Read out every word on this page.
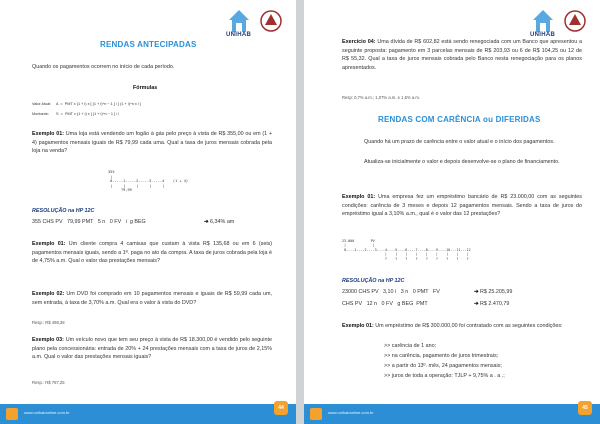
UNIHAB
RENDAS ANTECIPADAS
Quando os pagamentos ocorrem no início de cada período.
Fórmulas
Valor Atual: A  =  PMT x (1 + i) x [ (1 + i)^n − 1 ] / [ (1 + i)^n x i ]
Montante: S  =  PMT x (1 + i) x [ (1 + i)^n − 1 ] / i
Exemplo 01: Uma loja está vendendo um fogão à gás pelo preço à vista de R$ 355,00 ou em (1 + 4) pagamentos mensais iguais de R$ 79,99 cada uma. Qual a taxa de juros mensais cobrada pela loja na venda?
355
|
0-----1-----2-----3-----4    (1 + 4)
|     |     |     |     |
79,99
RESOLUÇÃO na HP 12C
355 CHS PV   79,99 PMT   5 n   0 FV   i  g BEG	➔ 6,34% am
Exemplo 01: Um cliente compra 4 camisas que custam à vista R$ 135,68 ou em 6 (seis) pagamentos mensais iguais, sendo a 1ª. paga no ato da compra. A taxa de juros cobrada pela loja é de 4,75% a.m. Qual o valor das prestações mensais?
Exemplo 02: Um DVD foi comprado em 10 pagamentos mensais e iguais de R$ 59,99 cada um, sem entrada, à taxa de 3,70% a.m. Qual era o valor à vista do DVD?
Resp.: R$ 498,38
Exemplo 03: Um veículo novo que tem seu preço à vista de R$ 18.300,00 é vendido pelo seguinte plano pela concessionária: entrada de 20% + 24 prestações mensais com a taxa de juros de 2,15% a.m. Qual o valor das prestações mensais iguais?
Resp.: R$ 787,25
www.unihabonline.com.br
44
UNIHAB
Exercício 04: Uma dívida de R$ 602,82 está sendo renegociada com um Banco que apresentou a seguinte proposta: pagamento em 3 parcelas mensais de R$ 203,93 ou 6 de R$ 104,25 ou 12 de R$ 55,32. Qual a taxa de juros mensais cobrada pelo Banco nesta renegociação para os planos apresentados.
Resp: 0,7% a.m.; 1,07% a.m. e 1,5% a.m.
RENDAS COM CARÊNCIA ou DIFERIDAS
Quando há um prazo de carência entre o valor atual e o início dos pagamentos.
Atualiza-se inicialmente o valor e depois desenvolve-se o plano de financiamento.
Exemplo 01: Uma empresa fez um empréstimo bancário de R$ 23.000,00 com as seguintes condições: carência de 3 meses e depois 12 pagamentos mensais. Sendo a taxa de juros do empréstimo igual a 3,10% a.m., qual é o valor das 12 prestações?
23.000        PV
|             |
0----1----2----3----4----5----6----7----8----9----10---11---12
|    |    |    |    |    |    |    |    |
?    ?    ?    ?    ?    ?    ?    ?    ?
RESOLUÇÃO na HP 12C
23000 CHS PV   3,10 i   3 n   0 PMT   FV	➔ R$ 25.205,99
CHS PV   12 n   0 FV   g BEG  PMT	➔ R$ 2.470,79
Exemplo 01: Um empréstimo de R$ 300.000,00 foi contratado com as seguintes condições:
>> carência de 1 ano;
>> na carência, pagamento de juros trimestrais;
>> a partir do 13º. mês, 24 pagamentos mensais;
>> juros de toda a operação: TJLP + 9,75% a . a .;
www.unihabonline.com.br
45
